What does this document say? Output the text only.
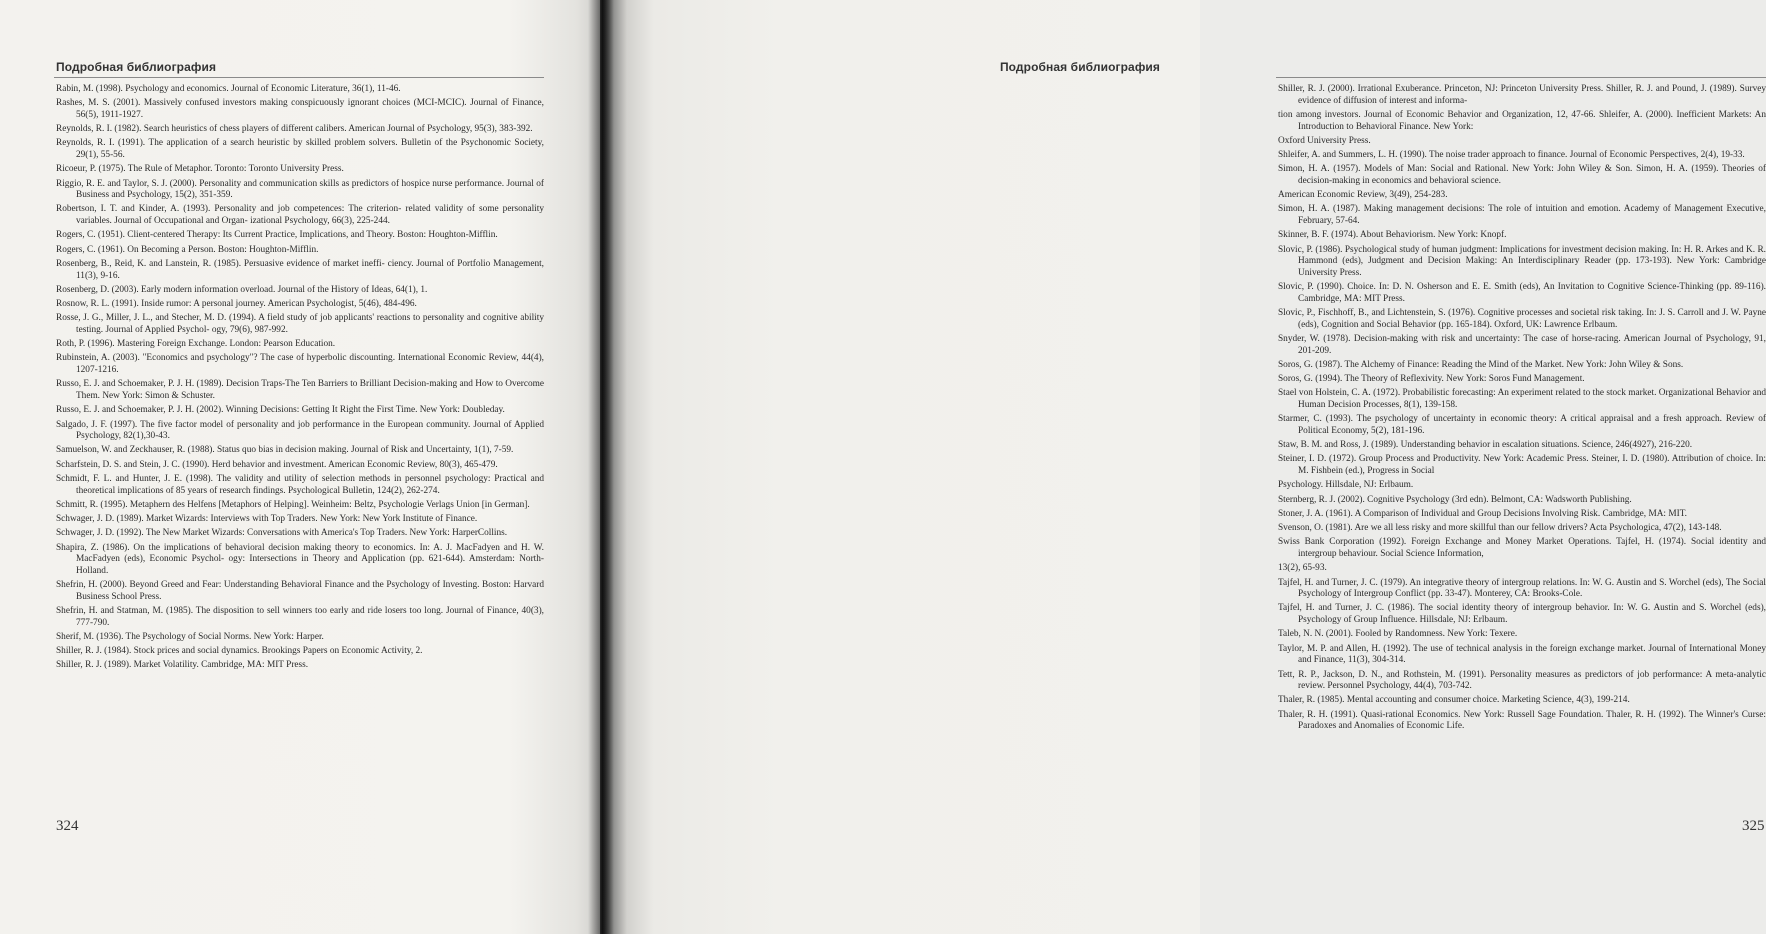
Подробная библиография

Rabin, M. (1998). Psychology and economics. Journal of Economic Literature, 36(1), 11-46.

Rashes, M. S. (2001). Massively confused investors making conspicuously ignorant choices (MCI-MCIC). Journal of Finance, 56(5), 1911-1927.

Reynolds, R. I. (1982). Search heuristics of chess players of different calibers. American Journal of Psychology, 95(3), 383-392.

Reynolds, R. I. (1991). The application of a search heuristic by skilled problem solvers. Bulletin of the Psychonomic Society, 29(1), 55-56.

Ricoeur, P. (1975). The Rule of Metaphor. Toronto: Toronto University Press.

Riggio, R. E. and Taylor, S. J. (2000). Personality and communication skills as predictors of hospice nurse performance. Journal of Business and Psychology, 15(2), 351-359.

Robertson, I. T. and Kinder, A. (1993). Personality and job competences: The criterion- related validity of some personality variables. Journal of Occupational and Organ- izational Psychology, 66(3), 225-244.

Rogers, C. (1951). Client-centered Therapy: Its Current Practice, Implications, and Theory. Boston: Houghton-Mifflin.

Rogers, C. (1961). On Becoming a Person. Boston: Houghton-Mifflin.

Rosenberg, B., Reid, K. and Lanstein, R. (1985). Persuasive evidence of market ineffi- ciency. Journal of Portfolio Management, 11(3), 9-16.

Rosenberg, D. (2003). Early modern information overload. Journal of the History of Ideas, 64(1), 1.

Rosnow, R. L. (1991). Inside rumor: A personal journey. American Psychologist, 5(46), 484-496.

Rosse, J. G., Miller, J. L., and Stecher, M. D. (1994). A field study of job applicants' reactions to personality and cognitive ability testing. Journal of Applied Psychol- ogy, 79(6), 987-992.

Roth, P. (1996). Mastering Foreign Exchange. London: Pearson Education.

Rubinstein, A. (2003). "Economics and psychology"? The case of hyperbolic discounting. International Economic Review, 44(4), 1207-1216.

Russo, E. J. and Schoemaker, P. J. H. (1989). Decision Traps-The Ten Barriers to Brilliant Decision-making and How to Overcome Them. New York: Simon & Schuster.

Russo, E. J. and Schoemaker, P. J. H. (2002). Winning Decisions: Getting It Right the First Time. New York: Doubleday.

Salgado, J. F. (1997). The five factor model of personality and job performance in the European community. Journal of Applied Psychology, 82(1),30-43.

Samuelson, W. and Zeckhauser, R. (1988). Status quo bias in decision making. Journal of Risk and Uncertainty, 1(1), 7-59.

Scharfstein, D. S. and Stein, J. C. (1990). Herd behavior and investment. American Economic Review, 80(3), 465-479.

Schmidt, F. L. and Hunter, J. E. (1998). The validity and utility of selection methods in personnel psychology: Practical and theoretical implications of 85 years of research findings. Psychological Bulletin, 124(2), 262-274.

Schmitt, R. (1995). Metaphern des Helfens [Metaphors of Helping]. Weinheim: Beltz, Psychologie Verlags Union [in German].

Schwager, J. D. (1989). Market Wizards: Interviews with Top Traders. New York: New York Institute of Finance.

Schwager, J. D. (1992). The New Market Wizards: Conversations with America's Top Traders. New York: HarperCollins.

Shapira, Z. (1986). On the implications of behavioral decision making theory to economics. In: A. J. MacFadyen and H. W. MacFadyen (eds), Economic Psychol- ogy: Intersections in Theory and Application (pp. 621-644). Amsterdam: North- Holland.

Shefrin, H. (2000). Beyond Greed and Fear: Understanding Behavioral Finance and the Psychology of Investing. Boston: Harvard Business School Press.

Shefrin, H. and Statman, M. (1985). The disposition to sell winners too early and ride losers too long. Journal of Finance, 40(3), 777-790.

Sherif, M. (1936). The Psychology of Social Norms. New York: Harper.

Shiller, R. J. (1984). Stock prices and social dynamics. Brookings Papers on Economic Activity, 2.

Shiller, R. J. (1989). Market Volatility. Cambridge, MA: MIT Press.

324
Подробная библиография

Shiller, R. J. (2000). Irrational Exuberance. Princeton, NJ: Princeton University Press. Shiller, R. J. and Pound, J. (1989). Survey evidence of diffusion of interest and informa-

tion among investors. Journal of Economic Behavior and Organization, 12, 47-66. Shleifer, A. (2000). Inefficient Markets: An Introduction to Behavioral Finance. New York:

Oxford University Press.

Shleifer, A. and Summers, L. H. (1990). The noise trader approach to finance. Journal of Economic Perspectives, 2(4), 19-33.

Simon, H. A. (1957). Models of Man: Social and Rational. New York: John Wiley & Son. Simon, H. A. (1959). Theories of decision-making in economics and behavioral science.

American Economic Review, 3(49), 254-283.

Simon, H. A. (1987). Making management decisions: The role of intuition and emotion. Academy of Management Executive, February, 57-64.

Skinner, B. F. (1974). About Behaviorism. New York: Knopf.

Slovic, P. (1986). Psychological study of human judgment: Implications for investment decision making. In: H. R. Arkes and K. R. Hammond (eds), Judgment and Decision Making: An Interdisciplinary Reader (pp. 173-193). New York: Cambridge University Press.

Slovic, P. (1990). Choice. In: D. N. Osherson and E. E. Smith (eds), An Invitation to Cognitive Science-Thinking (pp. 89-116). Cambridge, MA: MIT Press.

Slovic, P., Fischhoff, B., and Lichtenstein, S. (1976). Cognitive processes and societal risk taking. In: J. S. Carroll and J. W. Payne (eds), Cognition and Social Behavior (pp. 165-184). Oxford, UK: Lawrence Erlbaum.

Snyder, W. (1978). Decision-making with risk and uncertainty: The case of horse-racing. American Journal of Psychology, 91, 201-209.

Soros, G. (1987). The Alchemy of Finance: Reading the Mind of the Market. New York: John Wiley & Sons.

Soros, G. (1994). The Theory of Reflexivity. New York: Soros Fund Management.

Stael von Holstein, C. A. (1972). Probabilistic forecasting: An experiment related to the stock market. Organizational Behavior and Human Decision Processes, 8(1), 139-158.

Starmer, C. (1993). The psychology of uncertainty in economic theory: A critical appraisal and a fresh approach. Review of Political Economy, 5(2), 181-196.

Staw, B. M. and Ross, J. (1989). Understanding behavior in escalation situations. Science, 246(4927), 216-220.

Steiner, I. D. (1972). Group Process and Productivity. New York: Academic Press. Steiner, I. D. (1980). Attribution of choice. In: M. Fishbein (ed.), Progress in Social

Psychology. Hillsdale, NJ: Erlbaum.

Sternberg, R. J. (2002). Cognitive Psychology (3rd edn). Belmont, CA: Wadsworth Publishing.

Stoner, J. A. (1961). A Comparison of Individual and Group Decisions Involving Risk. Cambridge, MA: MIT.

Svenson, O. (1981). Are we all less risky and more skillful than our fellow drivers? Acta Psychologica, 47(2), 143-148.

Swiss Bank Corporation (1992). Foreign Exchange and Money Market Operations. Tajfel, H. (1974). Social identity and intergroup behaviour. Social Science Information,

13(2), 65-93.

Tajfel, H. and Turner, J. C. (1979). An integrative theory of intergroup relations. In: W. G. Austin and S. Worchel (eds), The Social Psychology of Intergroup Conflict (pp. 33-47). Monterey, CA: Brooks-Cole.

Tajfel, H. and Turner, J. C. (1986). The social identity theory of intergroup behavior. In: W. G. Austin and S. Worchel (eds), Psychology of Group Influence. Hillsdale, NJ: Erlbaum.

Taleb, N. N. (2001). Fooled by Randomness. New York: Texere.

Taylor, M. P. and Allen, H. (1992). The use of technical analysis in the foreign exchange market. Journal of International Money and Finance, 11(3), 304-314.

Tett, R. P., Jackson, D. N., and Rothstein, M. (1991). Personality measures as predictors of job performance: A meta-analytic review. Personnel Psychology, 44(4), 703-742.

Thaler, R. (1985). Mental accounting and consumer choice. Marketing Science, 4(3), 199-214.

Thaler, R. H. (1991). Quasi-rational Economics. New York: Russell Sage Foundation. Thaler, R. H. (1992). The Winner's Curse: Paradoxes and Anomalies of Economic Life.

325
